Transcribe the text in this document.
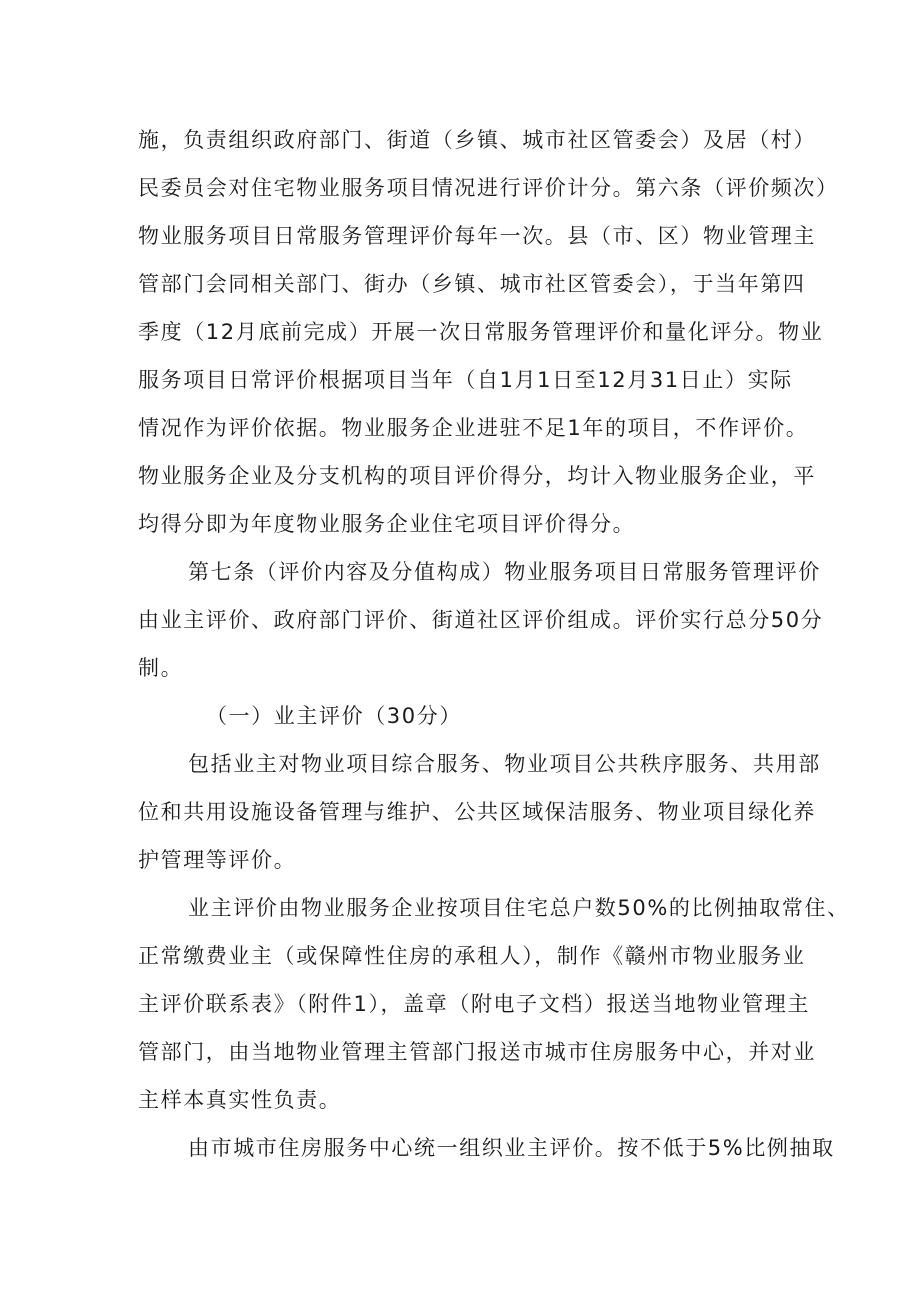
施，负责组织政府部门、街道（乡镇、城市社区管委会）及居（村）
民委员会对住宅物业服务项目情况进行评价计分。第六条（评价频次）
物业服务项目日常服务管理评价每年一次。县（市、区）物业管理主
管部门会同相关部门、街办（乡镇、城市社区管委会），于当年第四
季度（12月底前完成）开展一次日常服务管理评价和量化评分。物业
服务项目日常评价根据项目当年（自1月1日至12月31日止）实际
情况作为评价依据。物业服务企业进驻不足1年的项目，不作评价。
物业服务企业及分支机构的项目评价得分，均计入物业服务企业，平
均得分即为年度物业服务企业住宅项目评价得分。
第七条（评价内容及分值构成）物业服务项目日常服务管理评价
由业主评价、政府部门评价、街道社区评价组成。评价实行总分50分
制。
（一）业主评价（30分）
包括业主对物业项目综合服务、物业项目公共秩序服务、共用部
位和共用设施设备管理与维护、公共区域保洁服务、物业项目绿化养
护管理等评价。
业主评价由物业服务企业按项目住宅总户数50%的比例抽取常住、
正常缴费业主（或保障性住房的承租人），制作《赣州市物业服务业
主评价联系表》（附件1），盖章（附电子文档）报送当地物业管理主
管部门，由当地物业管理主管部门报送市城市住房服务中心，并对业
主样本真实性负责。
由市城市住房服务中心统一组织业主评价。按不低于5%比例抽取
